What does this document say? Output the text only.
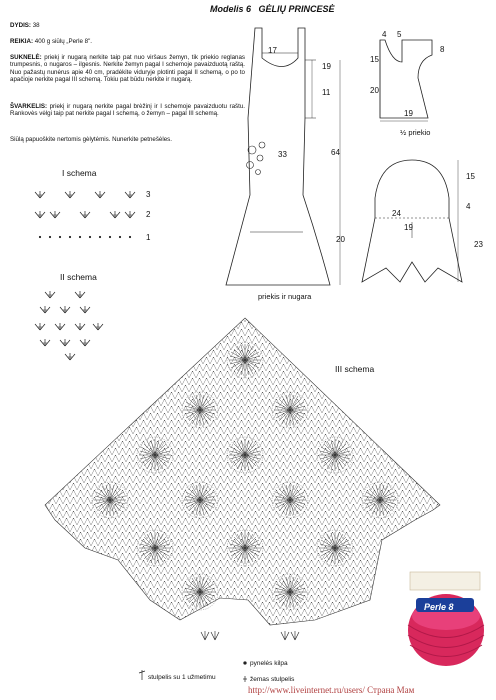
Modelis 6 GĖLIŲ PRINCESĖ
DYDIS: 38
REIKIA: 400 g siūlų „Perle 8".
SUKNELĖ: priekį ir nugarą nerkite taip pat nuo viršaus žemyn, tik priekio reglanas trumpesnis, o nugaros – ilgesnis. Nerkite žemyn pagal I schemoje pavaizduotą raštą. Nuo pažastų nunėrus apie 40 cm, pradėkite viduryje plotinti pagal II schemą, o po to apačioje nerkite pagal III schemą. Tokiu pat būdu nerkite ir nugarą.
ŠVARKELIS: priekį ir nugarą nerkite pagal brėžinį ir I schemoje pavaizduotu raštu. Rankovės vėlgi taip pat nerkite pagal I schemą, o žemyn – pagal III schemą.
Siūlą papuoškite nertomis gėlytėmis. Nunerkite petnešėles.
I schema
II schema
III schema
priekis ir nugara
½ priekio
3
2
1
17
19
11
33	64
20
4 5
8
15
20
19
15
4
24
19
23
stulpelis su 1 užmetimu
pynelės kilpa
žemas stulpelis
Perle 8
http://www.liveinternet.ru/users/ Страна Мам
